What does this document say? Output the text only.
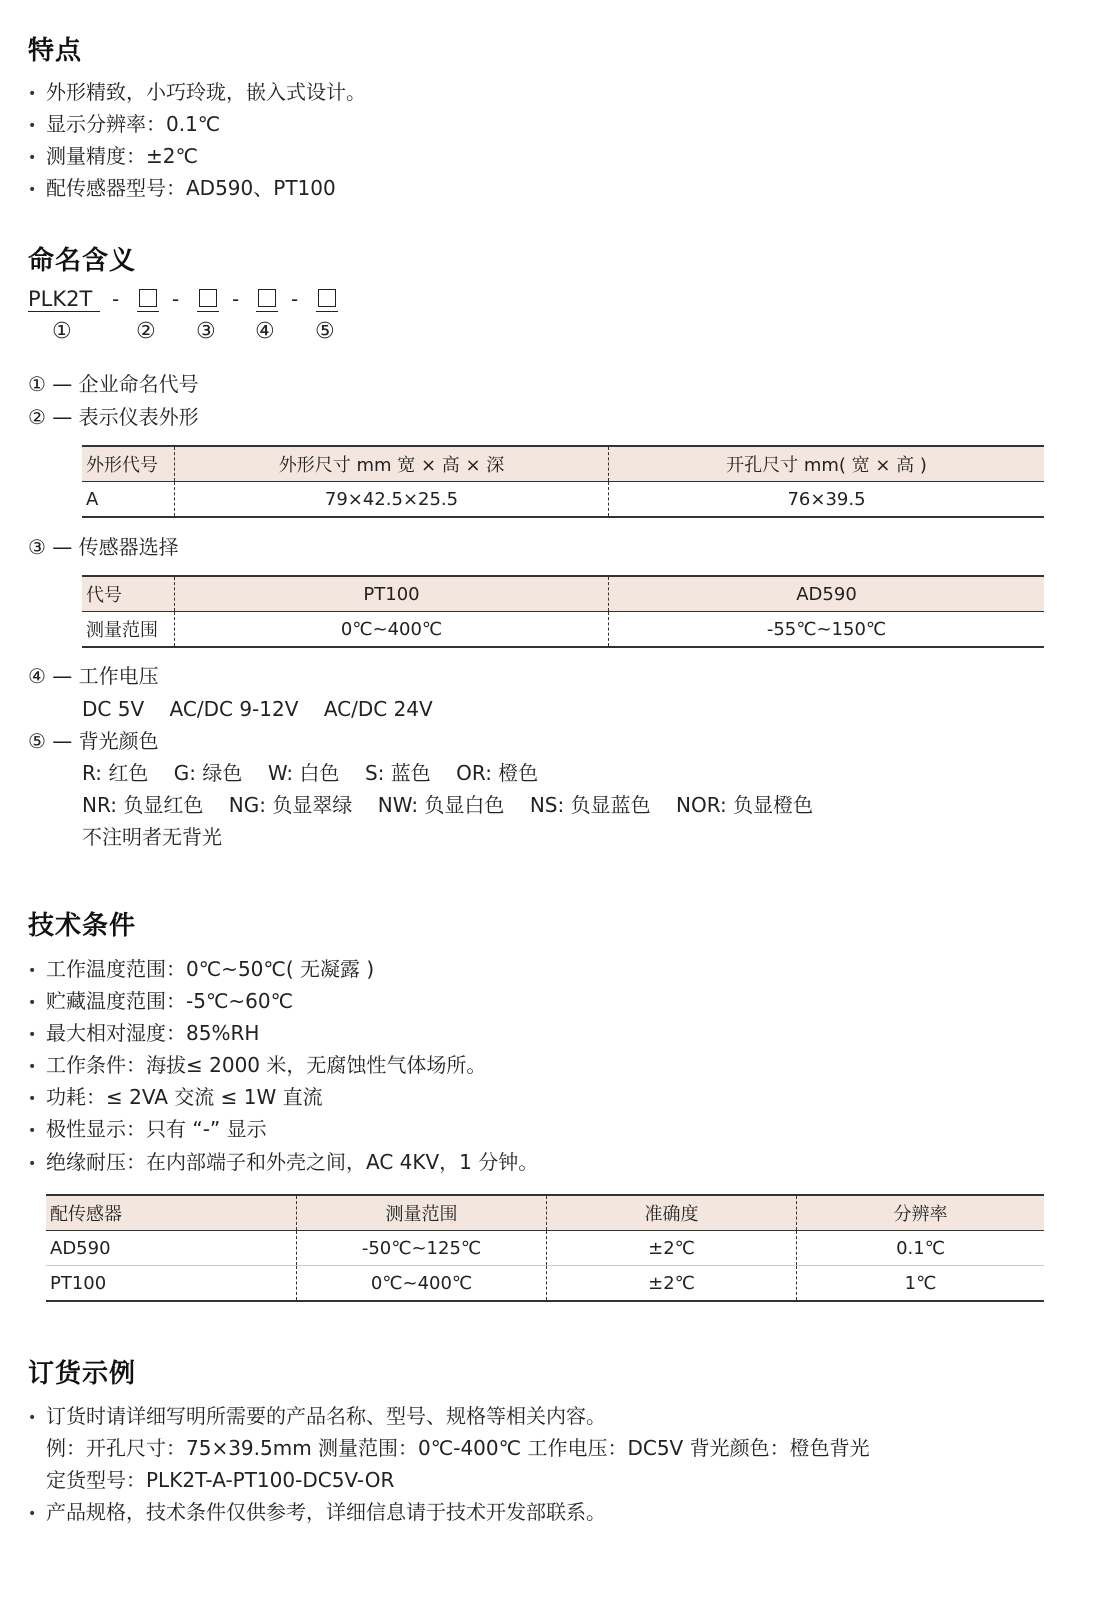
特点
• 外形精致，小巧玲珑，嵌入式设计。
• 显示分辨率：0.1℃
• 测量精度：±2℃
• 配传感器型号：AD590、PT100
命名含义
PLK2T -	-	-	-
①	② ③ ④ ⑤
① — 企业命名代号
② — 表示仪表外形
外形代号	外形尺寸 mm 宽 × 高 × 深	开孔尺寸 mm( 宽 × 高 )
A	79×42.5×25.5	76×39.5
③ — 传感器选择
代号	PT100	AD590
测量范围	0℃~400℃	-55℃~150℃
④ — 工作电压
DC 5V    AC/DC 9-12V    AC/DC 24V
⑤ — 背光颜色
R: 红色    G: 绿色    W: 白色    S: 蓝色    OR: 橙色
NR: 负显红色    NG: 负显翠绿    NW: 负显白色    NS: 负显蓝色    NOR: 负显橙色
不注明者无背光
技术条件
• 工作温度范围：0℃~50℃( 无凝露 )
• 贮藏温度范围：-5℃~60℃
• 最大相对湿度：85%RH
• 工作条件：海拔≤ 2000 米，无腐蚀性气体场所。
• 功耗：≤ 2VA 交流 ≤ 1W 直流
• 极性显示：只有 “-” 显示
• 绝缘耐压：在内部端子和外壳之间，AC 4KV，1 分钟。
配传感器	测量范围	准确度	分辨率
AD590	-50℃~125℃	±2℃	0.1℃
PT100	0℃~400℃	±2℃	1℃
订货示例
• 订货时请详细写明所需要的产品名称、型号、规格等相关内容。
例：开孔尺寸：75×39.5mm 测量范围：0℃-400℃ 工作电压：DC5V 背光颜色：橙色背光
定货型号：PLK2T-A-PT100-DC5V-OR
• 产品规格，技术条件仅供参考，详细信息请于技术开发部联系。
